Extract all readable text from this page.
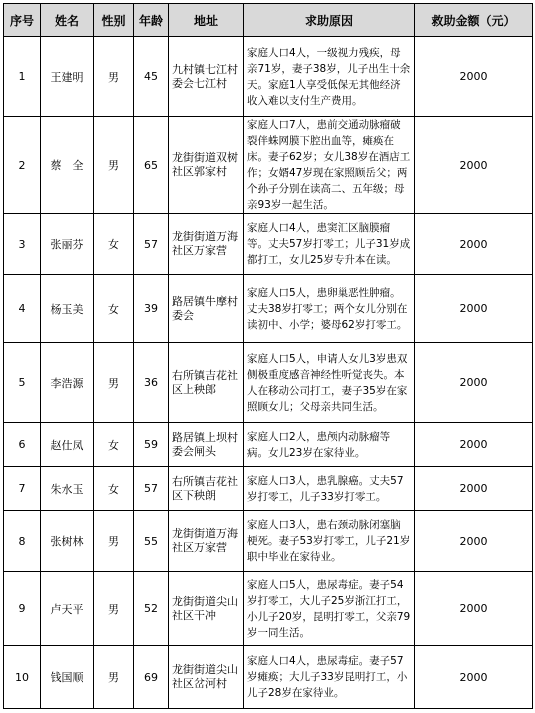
序号	姓名	性别	年龄	地址	求助原因	救助金额（元）
1	王建明	男	45	九村镇七江村委会七江村	家庭人口4人，一级视力残疾，母亲71岁，妻子38岁，儿子出生十余天。家庭1人享受低保无其他经济收入难以支付生产费用。	2000
2	蔡　全	男	65	龙街街道双树社区郭家村	家庭人口7人，患前交通动脉瘤破裂伴蛛网膜下腔出血等，瘫痪在床。妻子62岁；女儿38岁在酒店工作；女婿47岁现在家照顾岳父；两个孙子分别在读高二、五年级；母亲93岁一起生活。	2000
3	张丽芬	女	57	龙街街道万海社区万家营	家庭人口4人，患窦汇区脑膜瘤等。丈夫57岁打零工；儿子31岁成都打工，女儿25岁专升本在读。	2000
4	杨玉美	女	39	路居镇牛摩村委会	家庭人口5人，患卵巢恶性肿瘤。丈夫38岁打零工；两个女儿分别在读初中、小学；婆母62岁打零工。	2000
5	李浩源	男	36	右所镇吉花社区上秧郎	家庭人口5人，申请人女儿3岁患双侧极重度感音神经性听觉丧失。本人在移动公司打工，妻子35岁在家照顾女儿；父母亲共同生活。	2000
6	赵仕凤	女	59	路居镇上坝村委会闸头	家庭人口2人，患颅内动脉瘤等病。女儿23岁在家待业。	2000
7	朱水玉	女	57	右所镇吉花社区下秧朗	家庭人口3人，患乳腺癌。丈夫57岁打零工，儿子33岁打零工。	2000
8	张树林	男	55	龙街街道万海社区万家营	家庭人口3人，患右颈动脉闭塞脑梗死。妻子53岁打零工，儿子21岁职中毕业在家待业。	2000
9	卢天平	男	52	龙街街道尖山社区干冲	家庭人口5人，患尿毒症。妻子54岁打零工，大儿子25岁浙江打工，小儿子20岁，昆明打零工，父亲79岁一同生活。	2000
10	钱国顺	男	69	龙街街道尖山社区岔河村	家庭人口4人，患尿毒症。妻子57岁瘫痪；大儿子33岁昆明打工，小儿子28岁在家待业。	2000
